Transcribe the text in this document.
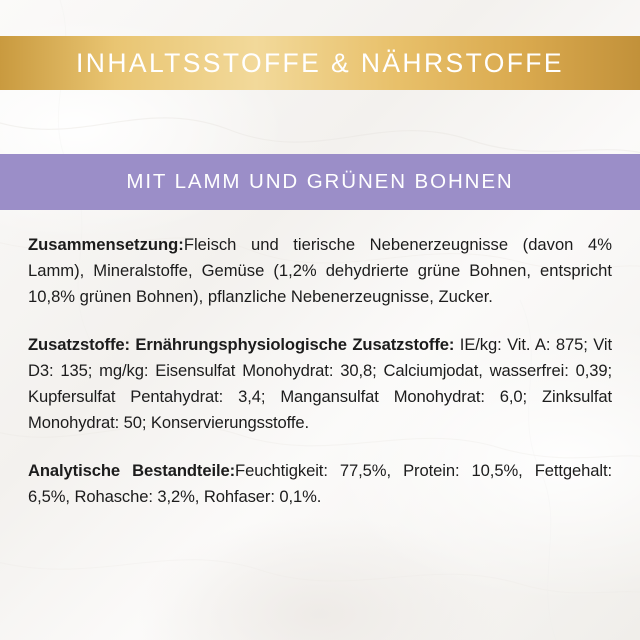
INHALTSSTOFFE & NÄHRSTOFFE
MIT LAMM UND GRÜNEN BOHNEN

Zusammensetzung:Fleisch und tierische Nebenerzeugnisse (davon 4% Lamm), Mineralstoffe, Gemüse (1,2% dehydrierte grüne Bohnen, entspricht 10,8% grünen Bohnen), pflanzliche Nebenerzeugnisse, Zucker.

Zusatzstoffe: Ernährungsphysiologische Zusatzstoffe: IE/kg: Vit. A: 875; Vit D3: 135; mg/kg: Eisensulfat Monohydrat: 30,8; Calciumjodat, wasserfrei: 0,39; Kupfersulfat Pentahydrat: 3,4; Mangansulfat Monohydrat: 6,0; Zinksulfat Monohydrat: 50; Konservierungsstoffe.

Analytische Bestandteile:Feuchtigkeit: 77,5%, Protein: 10,5%, Fettgehalt: 6,5%, Rohasche: 3,2%, Rohfaser: 0,1%.
